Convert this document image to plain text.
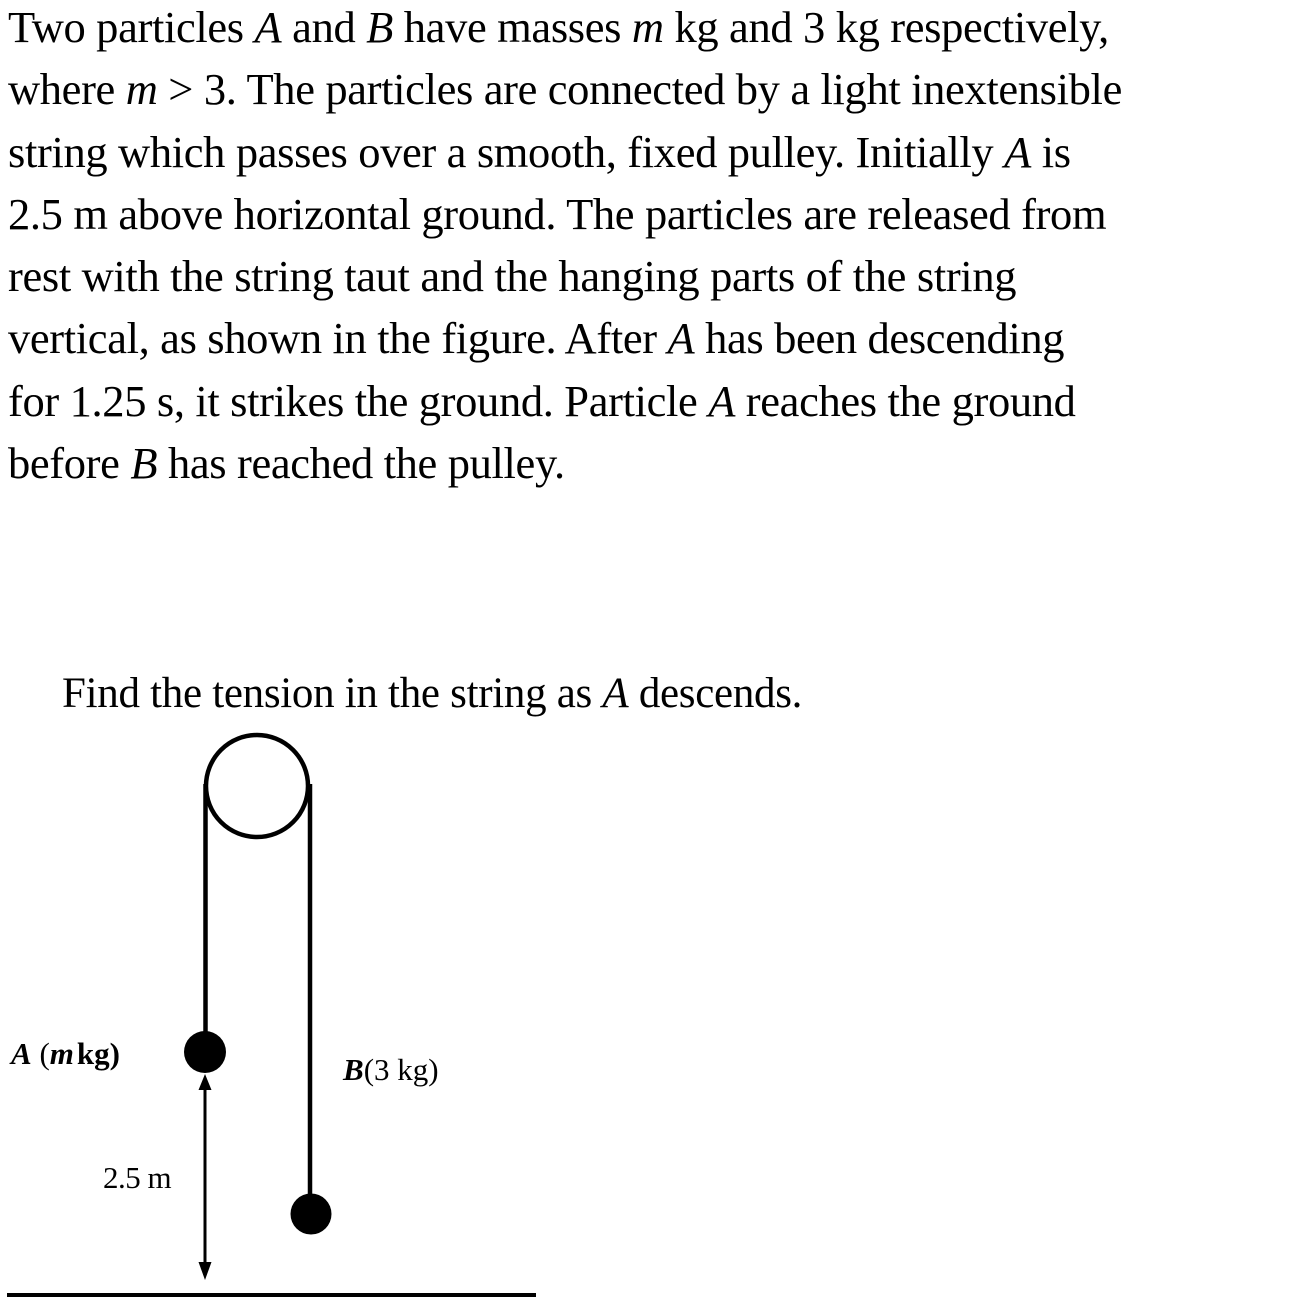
Two particles A and B have masses m kg and 3 kg respectively,
where m > 3. The particles are connected by a light inextensible
string which passes over a smooth, fixed pulley. Initially A is
2.5 m above horizontal ground. The particles are released from
rest with the string taut and the hanging parts of the string
vertical, as shown in the figure. After A has been descending
for 1.25 s, it strikes the ground. Particle A reaches the ground
before B has reached the pulley.
Find the tension in the string as A descends.
A (mkg)	B(3 kg)
2.5 m
